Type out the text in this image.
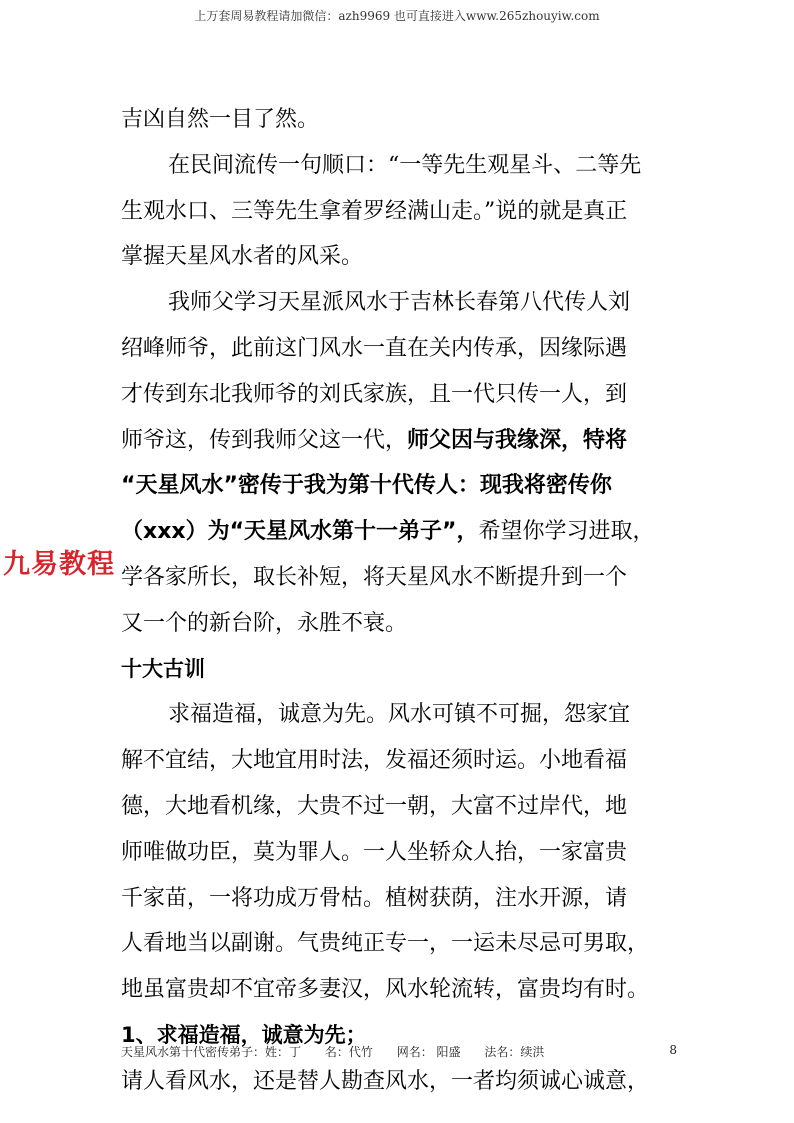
上万套周易教程请加微信：azh9969 也可直接进入www.265zhouyiw.com
吉凶自然一目了然。
在民间流传一句顺口：“一等先生观星斗、二等先
生观水口、三等先生拿着罗经满山走。”说的就是真正
掌握天星风水者的风采。
我师父学习天星派风水于吉林长春第八代传人刘
绍峰师爷，此前这门风水一直在关内传承，因缘际遇
才传到东北我师爷的刘氏家族，且一代只传一人，到
师爷这，传到我师父这一代，师父因与我缘深，特将
“天星风水”密传于我为第十代传人：现我将密传你
（xxx）为“天星风水第十一弟子”，希望你学习进取，
学各家所长，取长补短，将天星风水不断提升到一个
又一个的新台阶，永胜不衰。
十大古训
求福造福，诚意为先。风水可镇不可掘，怨家宜
解不宜结，大地宜用时法，发福还须时运。小地看福
德，大地看机缘，大贵不过一朝，大富不过岸代，地
师唯做功臣，莫为罪人。一人坐轿众人抬，一家富贵
千家苗，一将功成万骨枯。植树获荫，注水开源，请
人看地当以副谢。气贵纯正专一，一运未尽忌可男取，
地虽富贵却不宜帝多妻汉，风水轮流转，富贵均有时。
1、求福造福，诚意为先；
请人看风水，还是替人勘查风水，一者均须诚心诚意，
九易教程
天星风水第十代密传弟子：姓：丁 名：代竹 网名： 阳盛 法名：续洪	8
